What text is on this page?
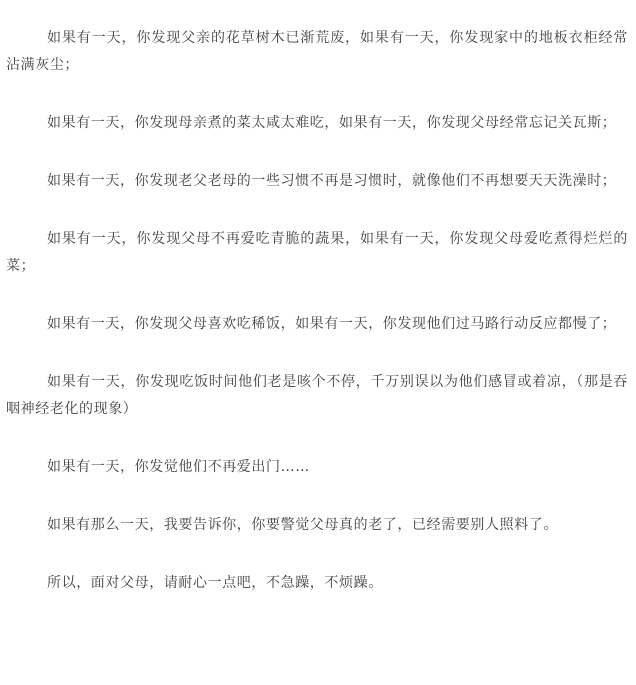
如果有一天，你发现父亲的花草树木已渐荒废，如果有一天，你发现家中的地板衣柜经常沾满灰尘；

如果有一天，你发现母亲煮的菜太咸太难吃，如果有一天，你发现父母经常忘记关瓦斯；

如果有一天，你发现老父老母的一些习惯不再是习惯时，就像他们不再想要天天洗澡时；

如果有一天，你发现父母不再爱吃青脆的蔬果，如果有一天，你发现父母爱吃煮得烂烂的菜；

如果有一天，你发现父母喜欢吃稀饭，如果有一天，你发现他们过马路行动反应都慢了；

如果有一天，你发现吃饭时间他们老是咳个不停，千万别误以为他们感冒或着凉，（那是吞咽神经老化的现象）

如果有一天，你发觉他们不再爱出门……

如果有那么一天，我要告诉你，你要警觉父母真的老了，已经需要别人照料了。

所以，面对父母，请耐心一点吧，不急躁，不烦躁。
